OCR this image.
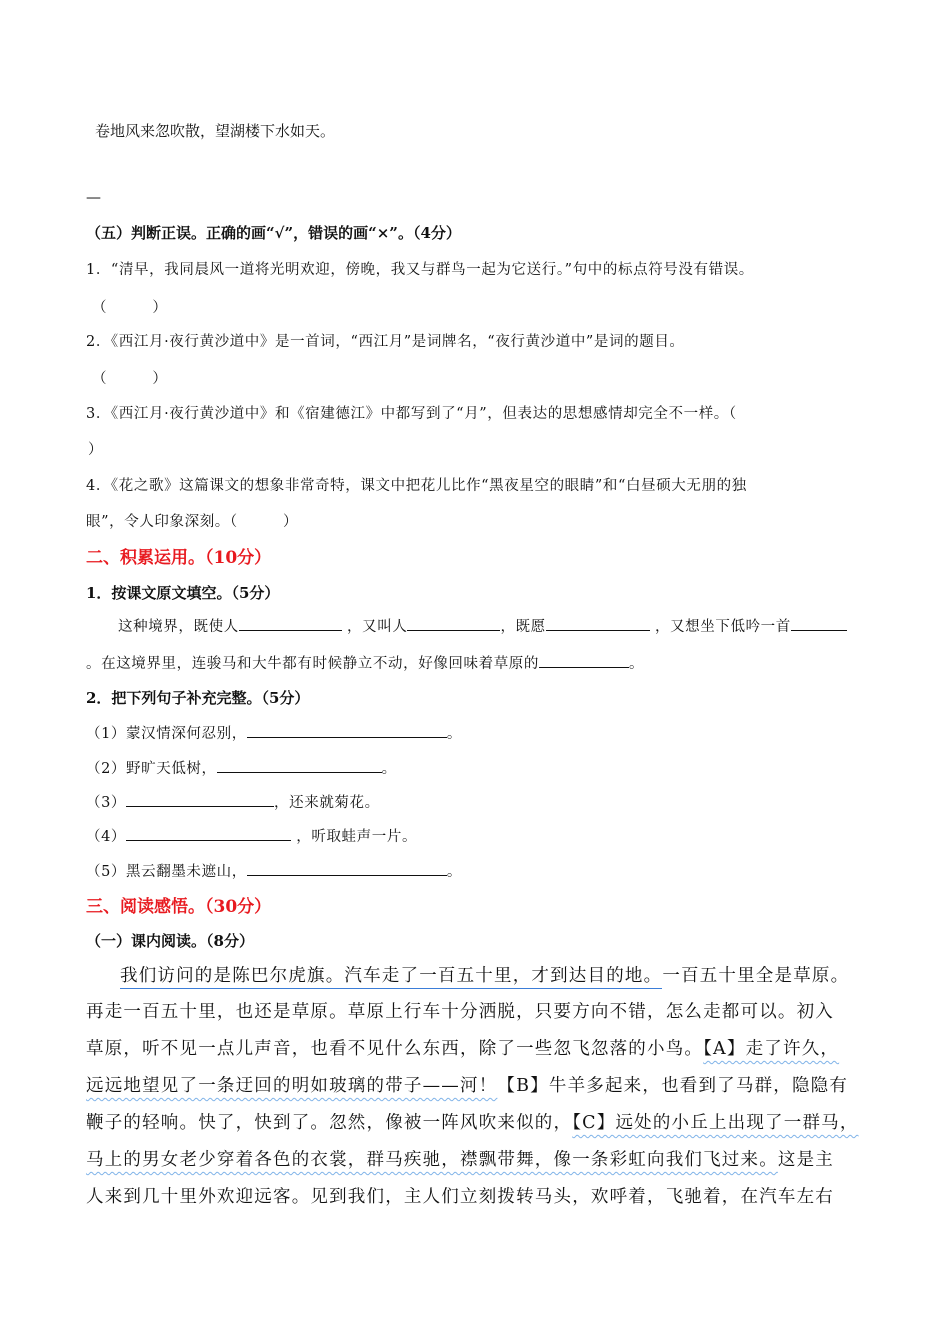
卷地风来忽吹散，望湖楼下水如天。
—
（五）判断正误。正确的画“√”，错误的画“×”。（4分）
1．“清早，我同晨风一道将光明欢迎，傍晚，我又与群鸟一起为它送行。”句中的标点符号没有错误。
（　　　）
2．《西江月·夜行黄沙道中》是一首词，“西江月”是词牌名，“夜行黄沙道中”是词的题目。
（　　　）
3．《西江月·夜行黄沙道中》和《宿建德江》中都写到了“月”，但表达的思想感情却完全不一样。（
）
4．《花之歌》这篇课文的想象非常奇特，课文中把花儿比作“黑夜星空的眼睛”和“白昼硕大无朋的独
眼”，令人印象深刻。（　　　）
二、积累运用。（10分）
1．按课文原文填空。（5分）
这种境界，既使人	，又叫人	，既愿	，又想坐下低吟一首
。在这境界里，连骏马和大牛都有时候静立不动，好像回味着草原的	。
2．把下列句子补充完整。（5分）
（1）蒙汉情深何忍别，	。
（2）野旷天低树，	。
（3）	，还来就菊花。
（4）	，听取蛙声一片。
（5）黑云翻墨未遮山，	。
三、阅读感悟。（30分）
（一）课内阅读。（8分）
我们访问的是陈巴尔虎旗。汽车走了一百五十里，才到达目的地。一百五十里全是草原。
再走一百五十里，也还是草原。草原上行车十分洒脱，只要方向不错，怎么走都可以。初入
草原，听不见一点儿声音，也看不见什么东西，除了一些忽飞忽落的小鸟。【A】走了许久，
远远地望见了一条迂回的明如玻璃的带子——河！【B】牛羊多起来，也看到了马群，隐隐有
鞭子的轻响。快了，快到了。忽然，像被一阵风吹来似的，【C】远处的小丘上出现了一群马，
马上的男女老少穿着各色的衣裳，群马疾驰，襟飘带舞，像一条彩虹向我们飞过来。这是主
人来到几十里外欢迎远客。见到我们，主人们立刻拨转马头，欢呼着，飞驰着，在汽车左右
